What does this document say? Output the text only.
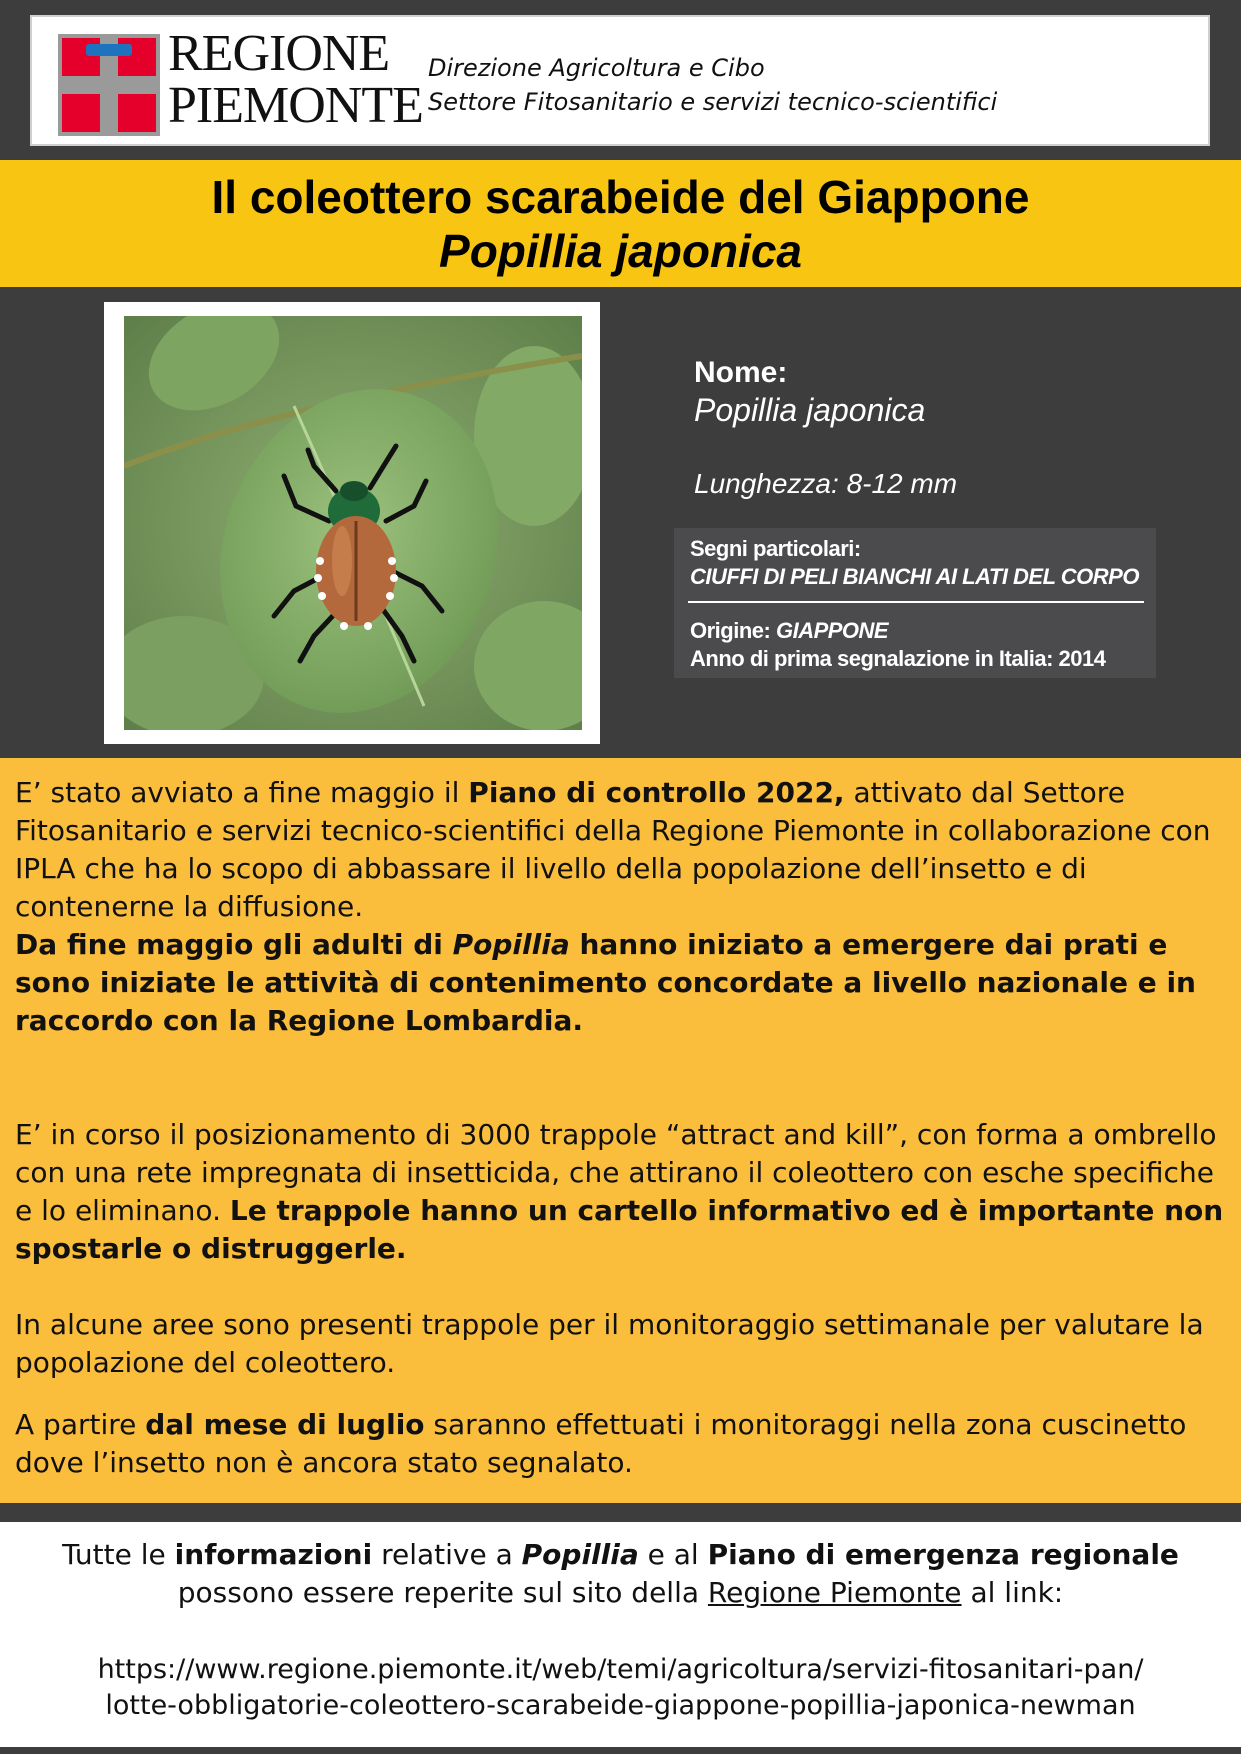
REGIONE
PIEMONTE
Direzione Agricoltura e Cibo
Settore Fitosanitario e servizi tecnico-scientifici
Il coleottero scarabeide del Giappone
Popillia japonica
Nome:
Popillia japonica
Lunghezza: 8-12 mm
Segni particolari:
CIUFFI DI PELI BIANCHI AI LATI DEL CORPO
Origine: GIAPPONE
Anno di prima segnalazione in Italia: 2014

E’ stato avviato a fine maggio il Piano di controllo 2022, attivato dal Settore Fitosanitario e servizi tecnico-scientifici della Regione Piemonte in collaborazione con IPLA che ha lo scopo di abbassare il livello della popolazione dell’insetto e di contenerne la diffusione.

Da fine maggio gli adulti di Popillia hanno iniziato a emergere dai prati e sono iniziate le attività di contenimento concordate a livello nazionale e in raccordo con la Regione Lombardia.

E’ in corso il posizionamento di 3000 trappole “attract and kill”, con forma a ombrello con una rete impregnata di insetticida, che attirano il coleottero con esche specifiche e lo eliminano. Le trappole hanno un cartello informativo ed è importante non spostarle o distruggerle.

In alcune aree sono presenti trappole per il monitoraggio settimanale per valutare la popolazione del coleottero.

A partire dal mese di luglio saranno effettuati i monitoraggi nella zona cuscinetto dove l’insetto non è ancora stato segnalato.

Tutte le informazioni relative a Popillia e al Piano di emergenza regionale
possono essere reperite sul sito della Regione Piemonte al link:
https://www.regione.piemonte.it/web/temi/agricoltura/servizi-fitosanitari-pan/
lotte-obbligatorie-coleottero-scarabeide-giappone-popillia-japonica-newman
